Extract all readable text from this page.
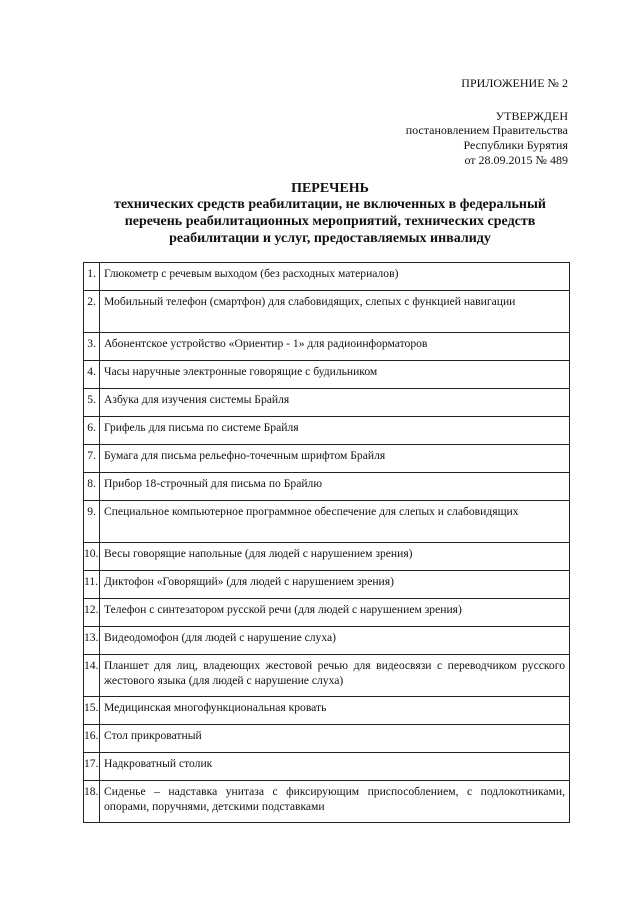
ПРИЛОЖЕНИЕ № 2
УТВЕРЖДЕН
постановлением Правительства
Республики Бурятия
от 28.09.2015 № 489
ПЕРЕЧЕНЬ
технических средств реабилитации, не включенных в федеральный
перечень реабилитационных мероприятий, технических средств
реабилитации и услуг, предоставляемых инвалиду
1.	Глюкометр с речевым выходом (без расходных материалов)
2.	Мобильный телефон (смартфон) для слабовидящих, слепых с функцией навигации
3.	Абонентское устройство «Ориентир - 1» для радиоинформаторов
4.	Часы наручные электронные говорящие с будильником
5.	Азбука для изучения системы Брайля
6.	Грифель для письма по системе Брайля
7.	Бумага для письма рельефно-точечным шрифтом Брайля
8.	Прибор 18-строчный для письма по Брайлю
9.	Специальное компьютерное программное обеспечение для слепых и слабовидящих
10.	Весы говорящие напольные (для людей с нарушением зрения)
11.	Диктофон «Говорящий» (для людей с нарушением зрения)
12.	Телефон с синтезатором русской речи (для людей с нарушением зрения)
13.	Видеодомофон (для людей с нарушение слуха)
14.	Планшет для лиц, владеющих жестовой речью для видеосвязи с переводчиком русского жестового языка (для людей с нарушение слуха)
15.	Медицинская многофункциональная кровать
16.	Стол прикроватный
17.	Надкроватный столик
18.	Сиденье – надставка унитаза с фиксирующим приспособлением, с подлокотниками, опорами, поручнями, детскими подставками
